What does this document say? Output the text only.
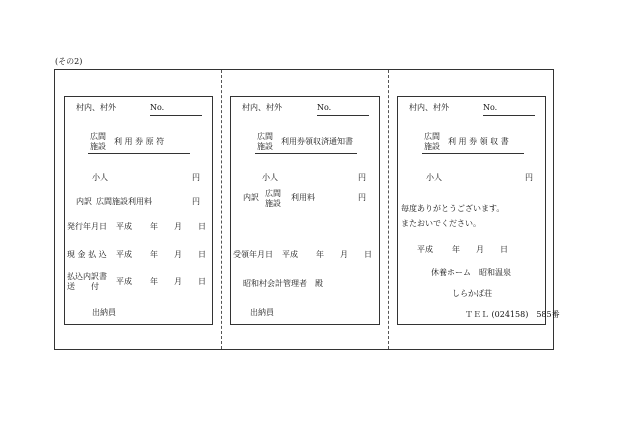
(その2)
村内、村外	No.
広間
施設
利 用 券 原 符
小人	円
内訳 広間施設利用料	円
発行年月日 平成 年 月 日
現 金 払 込 平成 年 月 日
払込内訳書
送　　付
平成 年 月 日
出納員
村内、村外	No.
広間
施設
利用券領収済通知書
小人	円
内訳 広間
施設
利用料	円
受領年月日 平成 年 月 日
昭和村会計管理者　殿
出納員
村内、村外	No.
広間
施設
利 用 券 領 収 書
小人	円
毎度ありがとうございます。
またおいでください。
平成 年 月 日
休養ホーム　昭和温泉
しらかば荘
ＴＥＬ (024158)　585番
